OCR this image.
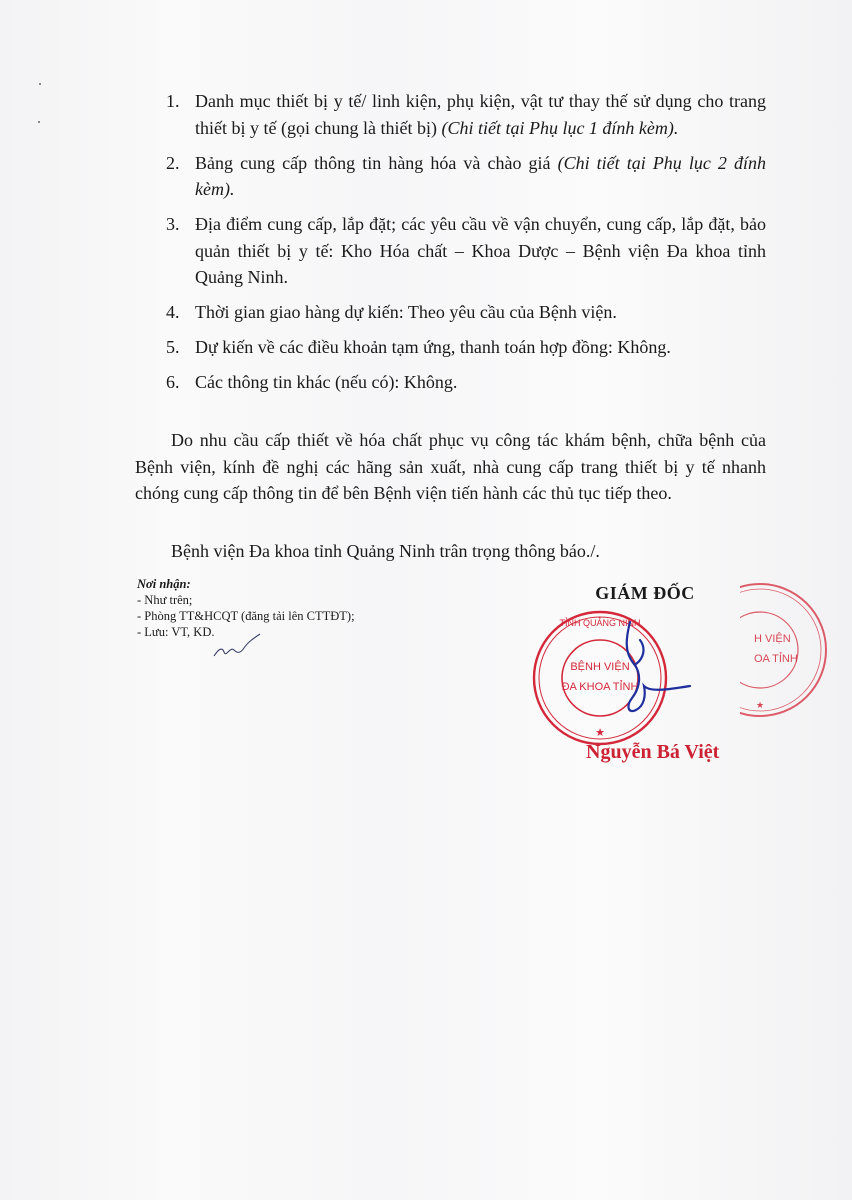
1. Danh mục thiết bị y tế/ linh kiện, phụ kiện, vật tư thay thế sử dụng cho trang thiết bị y tế (gọi chung là thiết bị) (Chi tiết tại Phụ lục 1 đính kèm).
2. Bảng cung cấp thông tin hàng hóa và chào giá (Chi tiết tại Phụ lục 2 đính kèm).
3. Địa điểm cung cấp, lắp đặt; các yêu cầu về vận chuyển, cung cấp, lắp đặt, bảo quản thiết bị y tế: Kho Hóa chất – Khoa Dược – Bệnh viện Đa khoa tỉnh Quảng Ninh.
4. Thời gian giao hàng dự kiến: Theo yêu cầu của Bệnh viện.
5. Dự kiến về các điều khoản tạm ứng, thanh toán hợp đồng: Không.
6. Các thông tin khác (nếu có): Không.

Do nhu cầu cấp thiết về hóa chất phục vụ công tác khám bệnh, chữa bệnh của Bệnh viện, kính đề nghị các hãng sản xuất, nhà cung cấp trang thiết bị y tế nhanh chóng cung cấp thông tin để bên Bệnh viện tiến hành các thủ tục tiếp theo.

Bệnh viện Đa khoa tỉnh Quảng Ninh trân trọng thông báo./.

Nơi nhận:
- Như trên;
- Phòng TT&HCQT (đăng tải lên CTTĐT);
- Lưu: VT, KD.
GIÁM ĐỐC
TỈNH QUẢNG NINH
★
BỆNH VIỆN
ĐA KHOA TỈNH
H VIỆN
OA TỈNH
★
Nguyễn Bá Việt
